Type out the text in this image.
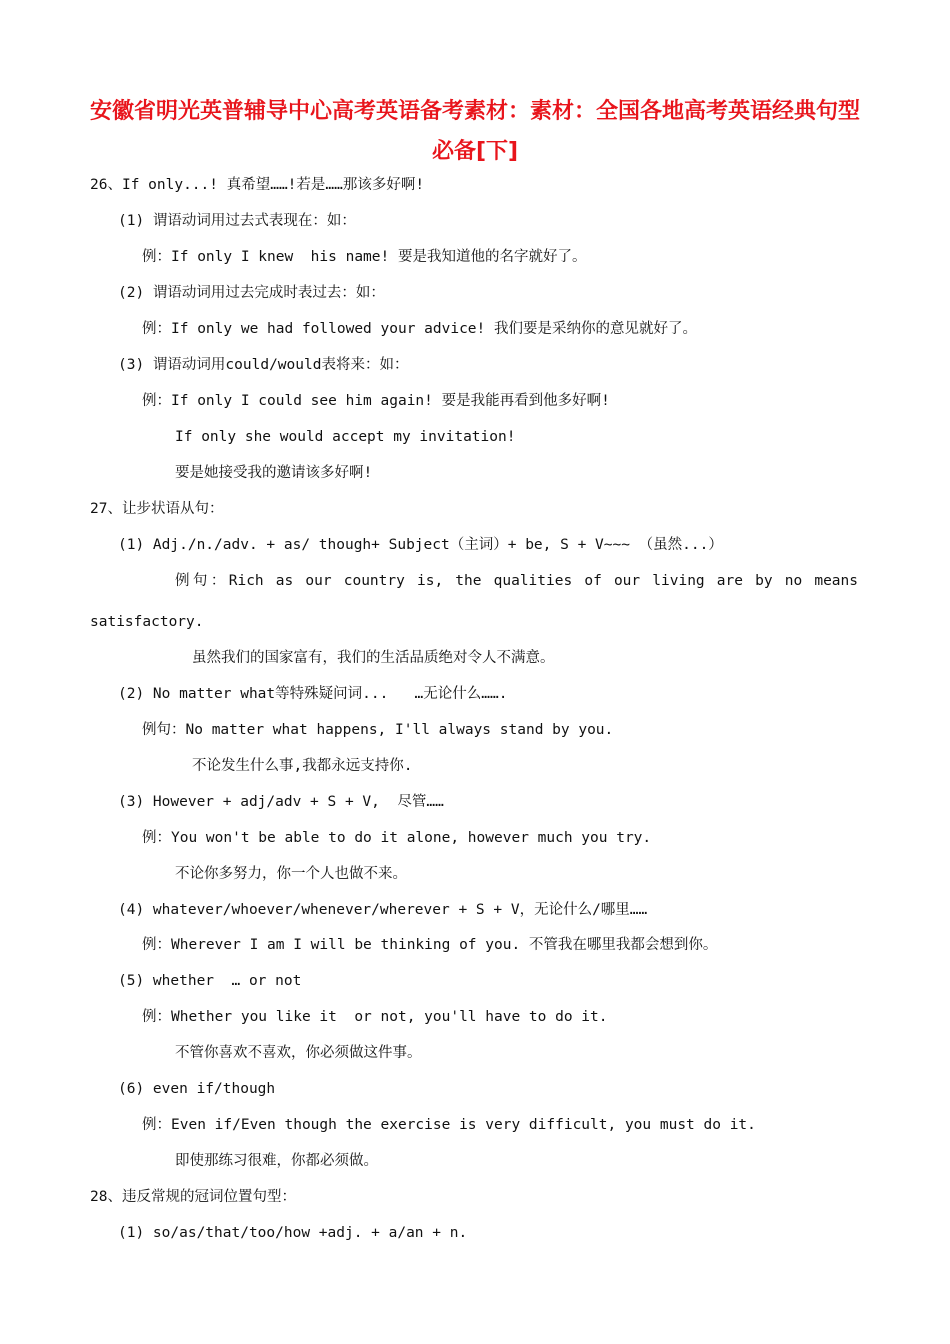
安徽省明光英普辅导中心高考英语备考素材：素材：全国各地高考英语经典句型必备[下]
26、If only...! 真希望……!若是……那该多好啊!
(1) 谓语动词用过去式表现在：如：
例：If only I knew  his name! 要是我知道他的名字就好了。
(2) 谓语动词用过去完成时表过去：如：
例：If only we had followed your advice! 我们要是采纳你的意见就好了。
(3) 谓语动词用could/would表将来：如：
例：If only I could see him again! 要是我能再看到他多好啊!
If only she would accept my invitation!
要是她接受我的邀请该多好啊!
27、让步状语从句：
(1) Adj./n./adv. + as/ though+ Subject（主词）+ be, S + V~~~ （虽然...）
例句：Rich as our country is, the qualities of our living are by no means
satisfactory.
虽然我们的国家富有，我们的生活品质绝对令人不满意。
(2) No matter what等特殊疑问词...   …无论什么…….
例句：No matter what happens, I'll always stand by you.
不论发生什么事,我都永远支持你.
(3) However + adj/adv + S + V,  尽管……
例：You won't be able to do it alone, however much you try.
不论你多努力，你一个人也做不来。
(4) whatever/whoever/whenever/wherever + S + V，无论什么/哪里……
例：Wherever I am I will be thinking of you. 不管我在哪里我都会想到你。
(5) whether  … or not
例：Whether you like it  or not, you'll have to do it.
不管你喜欢不喜欢，你必须做这件事。
(6) even if/though
例：Even if/Even though the exercise is very difficult, you must do it.
即使那练习很难，你都必须做。
28、违反常规的冠词位置句型：
(1) so/as/that/too/how +adj. + a/an + n.
